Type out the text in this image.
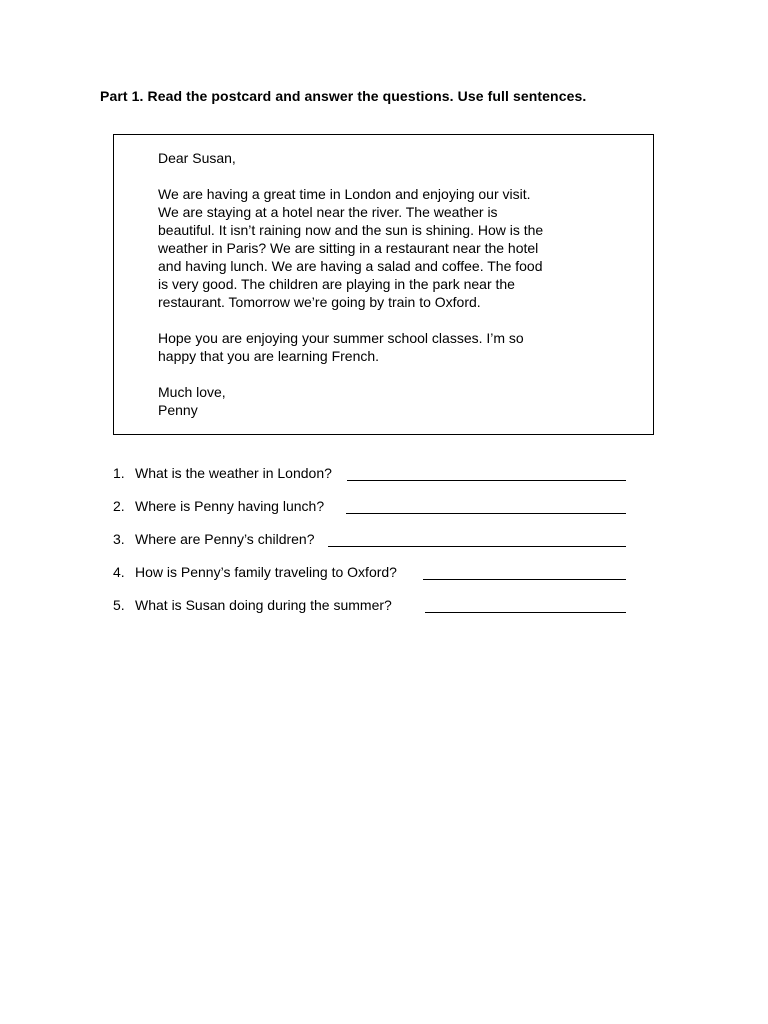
Part 1. Read the postcard and answer the questions. Use full sentences.

Dear Susan,

We are having a great time in London and enjoying our visit.
We are staying at a hotel near the river. The weather is
beautiful. It isn’t raining now and the sun is shining. How is the
weather in Paris? We are sitting in a restaurant near the hotel
and having lunch. We are having a salad and coffee. The food
is very good. The children are playing in the park near the
restaurant. Tomorrow we’re going by train to Oxford.

Hope you are enjoying your summer school classes. I’m so
happy that you are learning French.

Much love,
Penny

1. What is the weather in London?
2. Where is Penny having lunch?
3. Where are Penny’s children?
4. How is Penny’s family traveling to Oxford?
5. What is Susan doing during the summer?
